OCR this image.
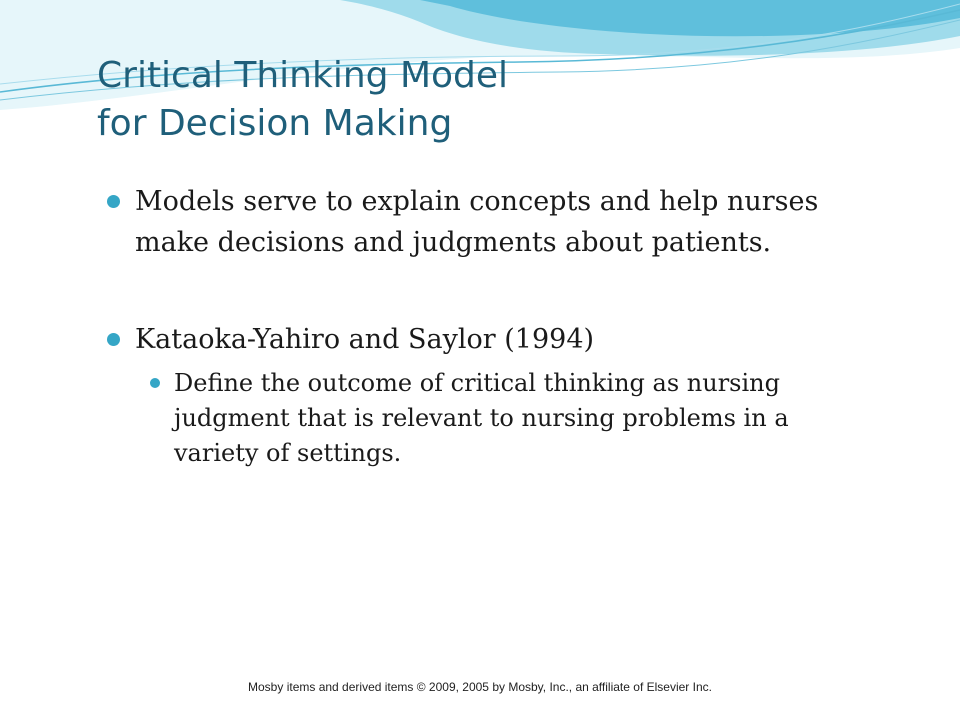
Critical Thinking Model
for Decision Making
Models serve to explain concepts and help nurses make decisions and judgments about patients.
Kataoka-Yahiro and Saylor (1994)
Define the outcome of critical thinking as nursing judgment that is relevant to nursing problems in a variety of settings.
Mosby items and derived items © 2009, 2005 by Mosby, Inc., an affiliate of Elsevier Inc.
